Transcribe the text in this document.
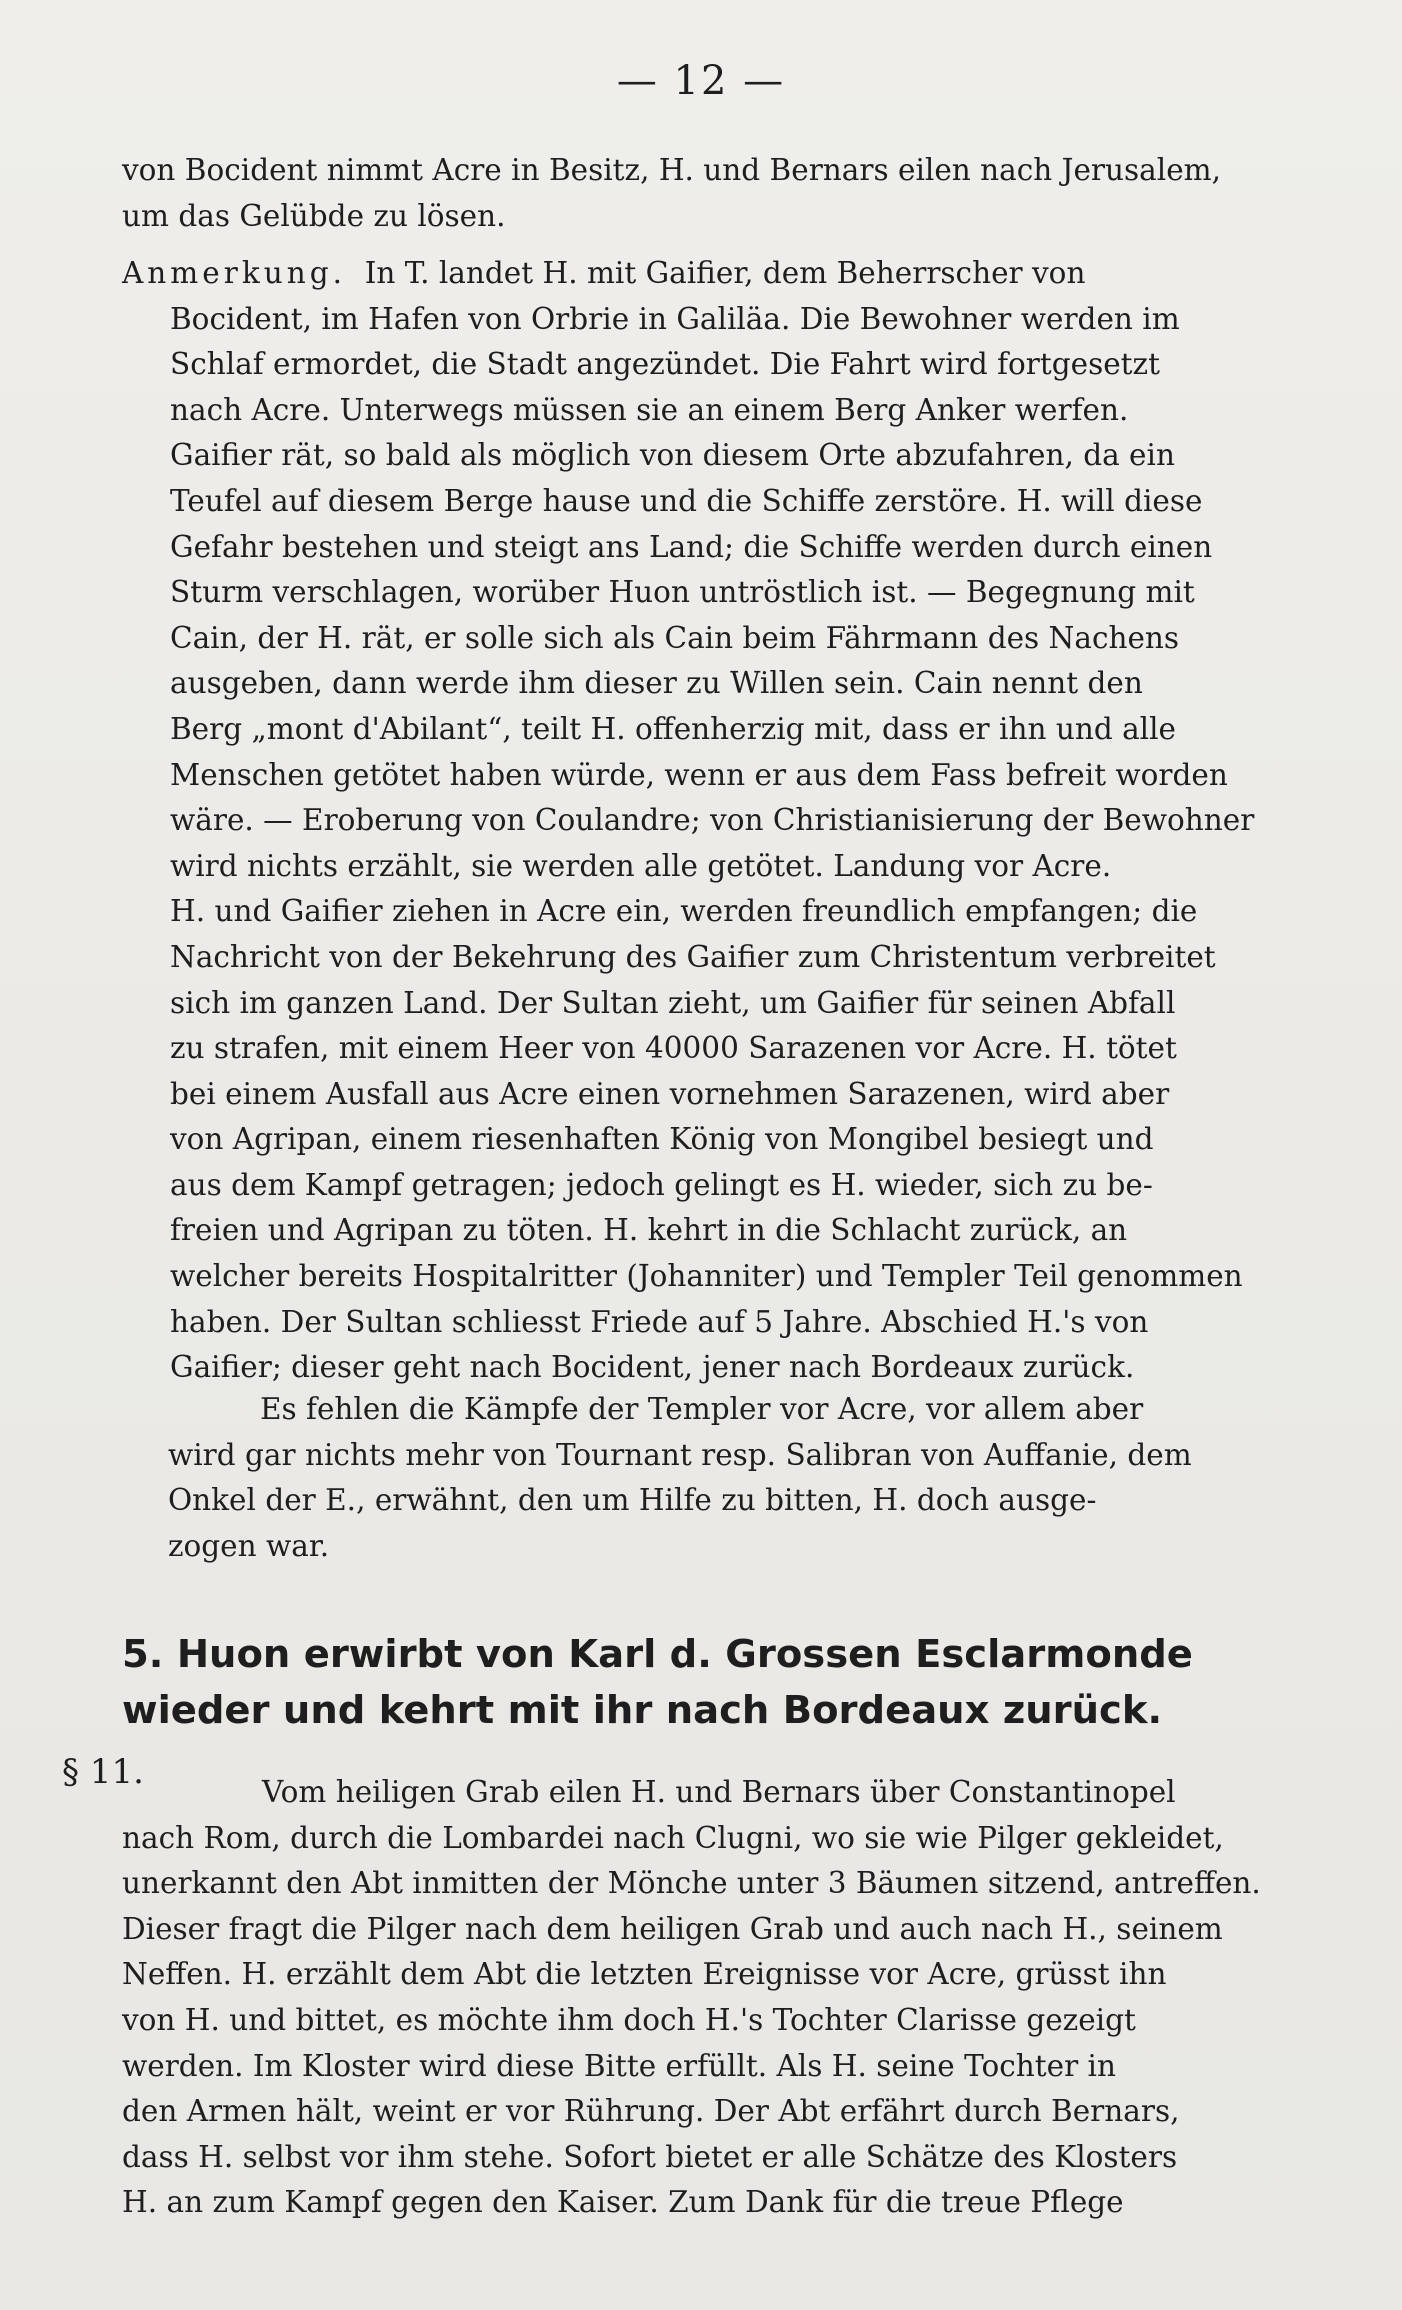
— 12 —
von Bocident nimmt Acre in Besitz, H. und Bernars eilen nach Jerusalem,
um das Gelübde zu lösen.
Anmerkung. In T. landet H. mit Gaifier, dem Beherrscher von
Bocident, im Hafen von Orbrie in Galiläa. Die Bewohner werden im
Schlaf ermordet, die Stadt angezündet. Die Fahrt wird fortgesetzt
nach Acre. Unterwegs müssen sie an einem Berg Anker werfen.
Gaifier rät, so bald als möglich von diesem Orte abzufahren, da ein
Teufel auf diesem Berge hause und die Schiffe zerstöre. H. will diese
Gefahr bestehen und steigt ans Land; die Schiffe werden durch einen
Sturm verschlagen, worüber Huon untröstlich ist. — Begegnung mit
Cain, der H. rät, er solle sich als Cain beim Fährmann des Nachens
ausgeben, dann werde ihm dieser zu Willen sein. Cain nennt den
Berg „mont d'Abilant“, teilt H. offenherzig mit, dass er ihn und alle
Menschen getötet haben würde, wenn er aus dem Fass befreit worden
wäre. — Eroberung von Coulandre; von Christianisierung der Bewohner
wird nichts erzählt, sie werden alle getötet. Landung vor Acre.
H. und Gaifier ziehen in Acre ein, werden freundlich empfangen; die
Nachricht von der Bekehrung des Gaifier zum Christentum verbreitet
sich im ganzen Land. Der Sultan zieht, um Gaifier für seinen Abfall
zu strafen, mit einem Heer von 40000 Sarazenen vor Acre. H. tötet
bei einem Ausfall aus Acre einen vornehmen Sarazenen, wird aber
von Agripan, einem riesenhaften König von Mongibel besiegt und
aus dem Kampf getragen; jedoch gelingt es H. wieder, sich zu be-
freien und Agripan zu töten. H. kehrt in die Schlacht zurück, an
welcher bereits Hospitalritter (Johanniter) und Templer Teil genommen
haben. Der Sultan schliesst Friede auf 5 Jahre. Abschied H.'s von
Gaifier; dieser geht nach Bocident, jener nach Bordeaux zurück.
Es fehlen die Kämpfe der Templer vor Acre, vor allem aber
wird gar nichts mehr von Tournant resp. Salibran von Auffanie, dem
Onkel der E., erwähnt, den um Hilfe zu bitten, H. doch ausge-
zogen war.
5. Huon erwirbt von Karl d. Grossen Esclarmonde
wieder und kehrt mit ihr nach Bordeaux zurück.
§ 11.	Vom heiligen Grab eilen H. und Bernars über Constantinopel
nach Rom, durch die Lombardei nach Clugni, wo sie wie Pilger gekleidet,
unerkannt den Abt inmitten der Mönche unter 3 Bäumen sitzend, antreffen.
Dieser fragt die Pilger nach dem heiligen Grab und auch nach H., seinem
Neffen. H. erzählt dem Abt die letzten Ereignisse vor Acre, grüsst ihn
von H. und bittet, es möchte ihm doch H.'s Tochter Clarisse gezeigt
werden. Im Kloster wird diese Bitte erfüllt. Als H. seine Tochter in
den Armen hält, weint er vor Rührung. Der Abt erfährt durch Bernars,
dass H. selbst vor ihm stehe. Sofort bietet er alle Schätze des Klosters
H. an zum Kampf gegen den Kaiser. Zum Dank für die treue Pflege
